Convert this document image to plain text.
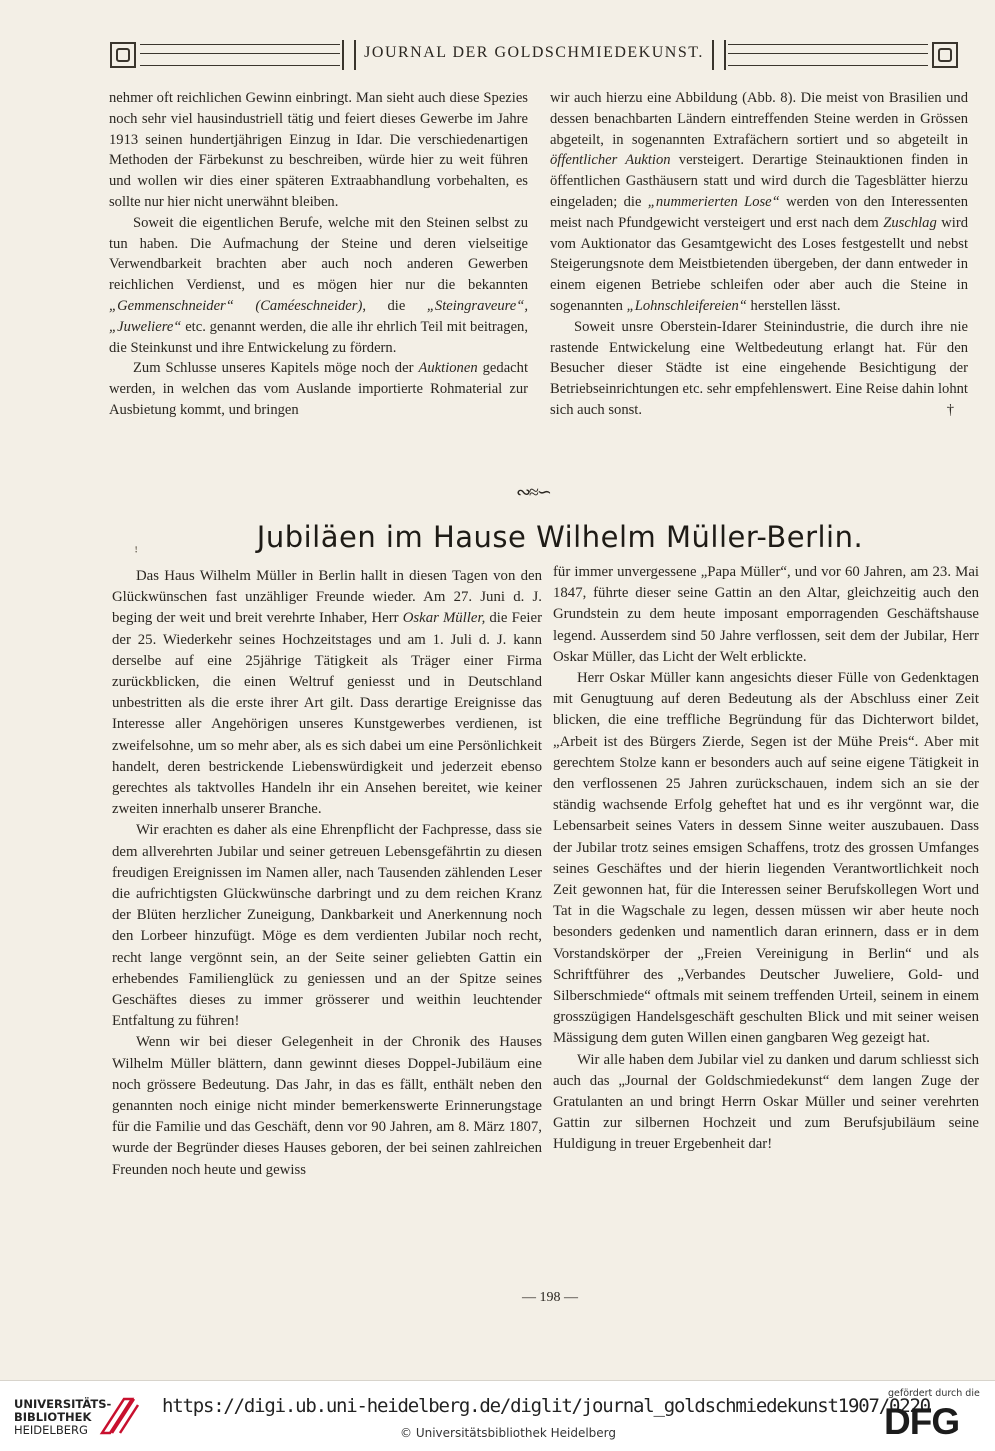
JOURNAL DER GOLDSCHMIEDEKUNST.

nehmer oft reichlichen Gewinn einbringt. Man sieht auch diese Spezies noch sehr viel hausindustriell tätig und feiert dieses Gewerbe im Jahre 1913 seinen hundertjährigen Einzug in Idar. Die verschiedenartigen Methoden der Färbekunst zu beschreiben, würde hier zu weit führen und wollen wir dies einer späteren Extraabhandlung vorbehalten, es sollte nur hier nicht unerwähnt bleiben.

Soweit die eigentlichen Berufe, welche mit den Steinen selbst zu tun haben. Die Aufmachung der Steine und deren vielseitige Verwendbarkeit brachten aber auch noch anderen Gewerben reichlichen Verdienst, und es mögen hier nur die bekannten „Gemmenschneider“ (Caméeschneider), die „Steingraveure“, „Juweliere“ etc. genannt werden, die alle ihr ehrlich Teil mit beitragen, die Steinkunst und ihre Entwickelung zu fördern.

Zum Schlusse unseres Kapitels möge noch der Auktionen gedacht werden, in welchen das vom Auslande importierte Rohmaterial zur Ausbietung kommt, und bringen

wir auch hierzu eine Abbildung (Abb. 8). Die meist von Brasilien und dessen benachbarten Ländern eintreffenden Steine werden in Grössen abgeteilt, in sogenannten Extrafächern sortiert und so abgeteilt in öffentlicher Auktion versteigert. Derartige Steinauktionen finden in öffentlichen Gasthäusern statt und wird durch die Tagesblätter hierzu eingeladen; die „nummerierten Lose“ werden von den Interessenten meist nach Pfundgewicht versteigert und erst nach dem Zuschlag wird vom Auktionator das Gesamtgewicht des Loses festgestellt und nebst Steigerungsnote dem Meistbietenden übergeben, der dann entweder in einem eigenen Betriebe schleifen oder aber auch die Steine in sogenannten „Lohnschleifereien“ herstellen lässt.

Soweit unsre Oberstein-Idarer Steinindustrie, die durch ihre nie rastende Entwickelung eine Weltbedeutung erlangt hat. Für den Besucher dieser Städte ist eine eingehende Besichtigung der Betriebseinrichtungen etc. sehr empfehlenswert. Eine Reise dahin lohnt sich auch sonst.	†

∾≈∽
ꜝ	Jubiläen im Hause Wilhelm Müller-Berlin.

Das Haus Wilhelm Müller in Berlin hallt in diesen Tagen von den Glückwünschen fast unzähliger Freunde wieder. Am 27. Juni d. J. beging der weit und breit verehrte Inhaber, Herr Oskar Müller, die Feier der 25. Wiederkehr seines Hochzeitstages und am 1. Juli d. J. kann derselbe auf eine 25jährige Tätigkeit als Träger einer Firma zurückblicken, die einen Weltruf geniesst und in Deutschland unbestritten als die erste ihrer Art gilt. Dass derartige Ereignisse das Interesse aller Angehörigen unseres Kunstgewerbes verdienen, ist zweifelsohne, um so mehr aber, als es sich dabei um eine Persönlichkeit handelt, deren bestrickende Liebenswürdigkeit und jederzeit ebenso gerechtes als taktvolles Handeln ihr ein Ansehen bereitet, wie keiner zweiten innerhalb unserer Branche.

Wir erachten es daher als eine Ehrenpflicht der Fachpresse, dass sie dem allverehrten Jubilar und seiner getreuen Lebensgefährtin zu diesen freudigen Ereignissen im Namen aller, nach Tausenden zählenden Leser die aufrichtigsten Glückwünsche darbringt und zu dem reichen Kranz der Blüten herzlicher Zuneigung, Dankbarkeit und Anerkennung noch den Lorbeer hinzufügt. Möge es dem verdienten Jubilar noch recht, recht lange vergönnt sein, an der Seite seiner geliebten Gattin ein erhebendes Familienglück zu geniessen und an der Spitze seines Geschäftes dieses zu immer grösserer und weithin leuchtender Entfaltung zu führen!

Wenn wir bei dieser Gelegenheit in der Chronik des Hauses Wilhelm Müller blättern, dann gewinnt dieses Doppel-Jubiläum eine noch grössere Bedeutung. Das Jahr, in das es fällt, enthält neben den genannten noch einige nicht minder bemerkenswerte Erinnerungstage für die Familie und das Geschäft, denn vor 90 Jahren, am 8. März 1807, wurde der Begründer dieses Hauses geboren, der bei seinen zahlreichen Freunden noch heute und gewiss

für immer unvergessene „Papa Müller“, und vor 60 Jahren, am 23. Mai 1847, führte dieser seine Gattin an den Altar, gleichzeitig auch den Grundstein zu dem heute imposant emporragenden Geschäftshause legend. Ausserdem sind 50 Jahre verflossen, seit dem der Jubilar, Herr Oskar Müller, das Licht der Welt erblickte.

Herr Oskar Müller kann angesichts dieser Fülle von Gedenktagen mit Genugtuung auf deren Bedeutung als der Abschluss einer Zeit blicken, die eine treffliche Begründung für das Dichterwort bildet, „Arbeit ist des Bürgers Zierde, Segen ist der Mühe Preis“. Aber mit gerechtem Stolze kann er besonders auch auf seine eigene Tätigkeit in den verflossenen 25 Jahren zurückschauen, indem sich an sie der ständig wachsende Erfolg geheftet hat und es ihr vergönnt war, die Lebensarbeit seines Vaters in dessem Sinne weiter auszubauen. Dass der Jubilar trotz seines emsigen Schaffens, trotz des grossen Umfanges seines Geschäftes und der hierin liegenden Verantwortlichkeit noch Zeit gewonnen hat, für die Interessen seiner Berufskollegen Wort und Tat in die Wagschale zu legen, dessen müssen wir aber heute noch besonders gedenken und namentlich daran erinnern, dass er in dem Vorstandskörper der „Freien Vereinigung in Berlin“ und als Schriftführer des „Verbandes Deutscher Juweliere, Gold- und Silberschmiede“ oftmals mit seinem treffenden Urteil, seinem in einem grosszügigen Handelsgeschäft geschulten Blick und mit seiner weisen Mässigung dem guten Willen einen gangbaren Weg gezeigt hat.

Wir alle haben dem Jubilar viel zu danken und darum schliesst sich auch das „Journal der Goldschmiedekunst“ dem langen Zuge der Gratulanten an und bringt Herrn Oskar Müller und seiner verehrten Gattin zur silbernen Hochzeit und zum Berufsjubiläum seine Huldigung in treuer Ergebenheit dar!

— 198 —
UNIVERSITÄTS-
BIBLIOTHEK
HEIDELBERG
https://digi.ub.uni-heidelberg.de/diglit/journal_goldschmiedekunst1907/0220
© Universitätsbibliothek Heidelberg
gefördert durch die
DFG
